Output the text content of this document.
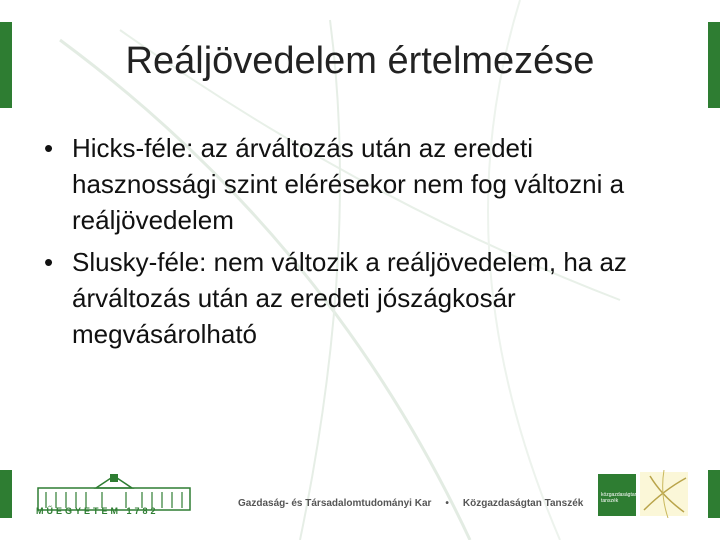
Reáljövedelem értelmezése
• Hicks-féle: az árváltozás után az eredeti hasznossági szint elérésekor nem fog változni a reáljövedelem
• Slusky-féle: nem változik a reáljövedelem, ha az árváltozás után az eredeti jószágkosár megvásárolható
MŰEGYETEM 1782
Gazdaság- és Társadalomtudományi Kar • Közgazdaságtan Tanszék
közgazdaságtan tanszék
